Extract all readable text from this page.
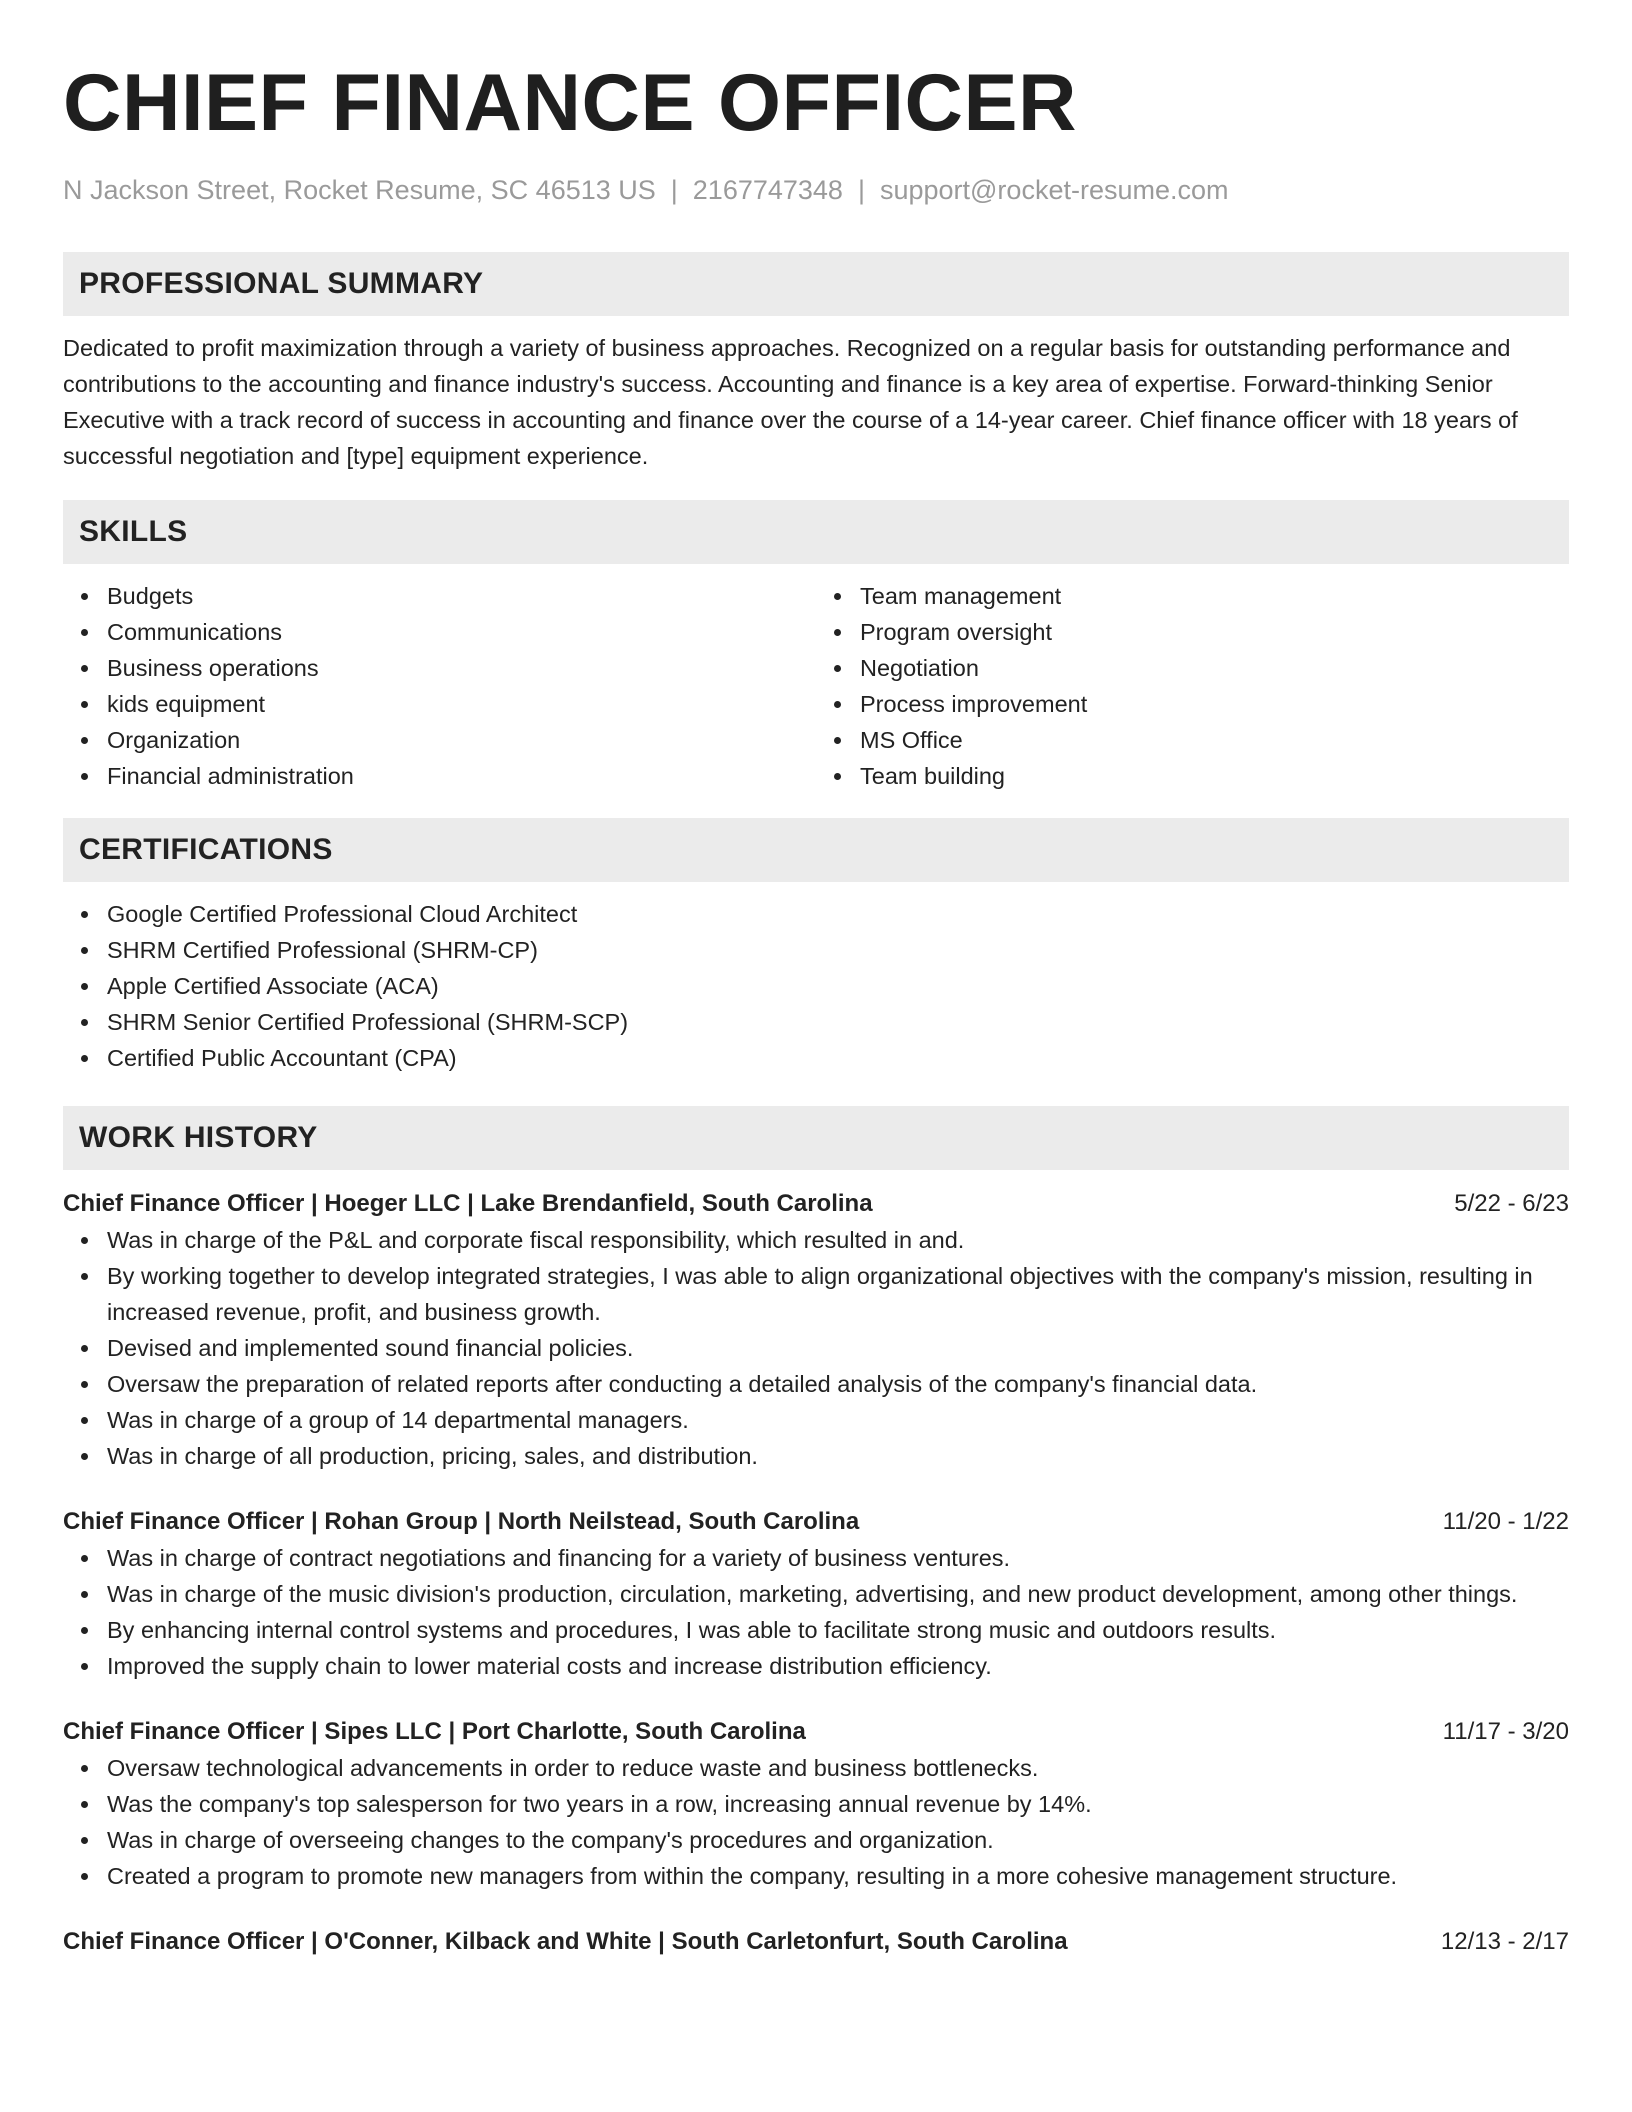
CHIEF FINANCE OFFICER
N Jackson Street, Rocket Resume, SC 46513 US | 2167747348 | support@rocket-resume.com
PROFESSIONAL SUMMARY

Dedicated to profit maximization through a variety of business approaches. Recognized on a regular basis for outstanding performance and contributions to the accounting and finance industry's success. Accounting and finance is a key area of expertise. Forward-thinking Senior Executive with a track record of success in accounting and finance over the course of a 14-year career. Chief finance officer with 18 years of successful negotiation and [type] equipment experience.

SKILLS
Budgets
Communications
Business operations
kids equipment
Organization
Financial administration
Team management
Program oversight
Negotiation
Process improvement
MS Office
Team building
CERTIFICATIONS
Google Certified Professional Cloud Architect
SHRM Certified Professional (SHRM-CP)
Apple Certified Associate (ACA)
SHRM Senior Certified Professional (SHRM-SCP)
Certified Public Accountant (CPA)
WORK HISTORY
Chief Finance Officer | Hoeger LLC | Lake Brendanfield, South Carolina	5/22 - 6/23
Was in charge of the P&L and corporate fiscal responsibility, which resulted in and.
By working together to develop integrated strategies, I was able to align organizational objectives with the company's mission, resulting in increased revenue, profit, and business growth.
Devised and implemented sound financial policies.
Oversaw the preparation of related reports after conducting a detailed analysis of the company's financial data.
Was in charge of a group of 14 departmental managers.
Was in charge of all production, pricing, sales, and distribution.
Chief Finance Officer | Rohan Group | North Neilstead, South Carolina	11/20 - 1/22
Was in charge of contract negotiations and financing for a variety of business ventures.
Was in charge of the music division's production, circulation, marketing, advertising, and new product development, among other things.
By enhancing internal control systems and procedures, I was able to facilitate strong music and outdoors results.
Improved the supply chain to lower material costs and increase distribution efficiency.
Chief Finance Officer | Sipes LLC | Port Charlotte, South Carolina	11/17 - 3/20
Oversaw technological advancements in order to reduce waste and business bottlenecks.
Was the company's top salesperson for two years in a row, increasing annual revenue by 14%.
Was in charge of overseeing changes to the company's procedures and organization.
Created a program to promote new managers from within the company, resulting in a more cohesive management structure.
Chief Finance Officer | O'Conner, Kilback and White | South Carletonfurt, South Carolina	12/13 - 2/17
